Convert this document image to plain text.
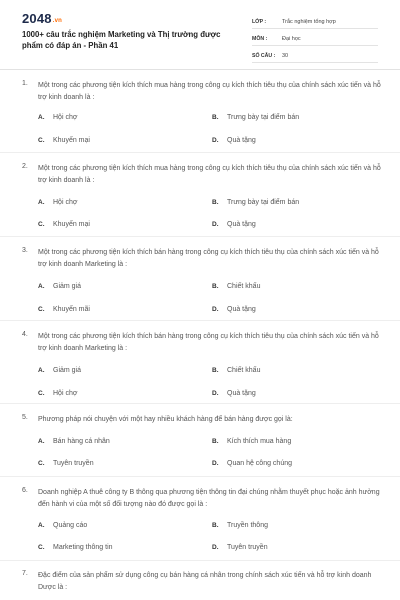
2048.vn
1000+ câu trắc nghiệm Marketing và Thị trường được phẩm có đáp án - Phần 41
LỚP :	Trắc nghiệm tổng hợp
MÔN :	Đại học
SỐ CÂU :	30
1. Một trong các phương tiện kích thích mua hàng trong công cụ kích thích tiêu thụ của chính sách xúc tiến và hỗ trợ kinh doanh là :
A.	Hội chợ	B.	Trưng bày tại điểm bán
C.	Khuyến mại	D.	Quà tặng
2. Một trong các phương tiện kích thích mua hàng trong công cụ kích thích tiêu thụ của chính sách xúc tiến và hỗ trợ kinh doanh là :
A.	Hội chợ	B.	Trưng bày tại điểm bán
C.	Khuyến mại	D.	Quà tặng
3. Một trong các phương tiện kích thích bán hàng trong công cụ kích thích tiêu thụ của chính sách xúc tiến và hỗ trợ kinh doanh Marketing là :
A.	Giảm giá	B.	Chiết khấu
C.	Khuyến mãi	D.	Quà tặng
4. Một trong các phương tiện kích thích bán hàng trong công cụ kích thích tiêu thụ của chính sách xúc tiến và hỗ trợ kinh doanh Marketing là :
A.	Giảm giá	B.	Chiết khấu
C.	Hội chợ	D.	Quà tặng
5. Phương pháp nói chuyện với một hay nhiều khách hàng để bán hàng được gọi là:
A.	Bán hàng cá nhân	B.	Kích thích mua hàng
C.	Tuyên truyền	D.	Quan hệ công chúng
6. Doanh nghiệp A thuê công ty B thông qua phương tiện thông tin đại chúng nhằm thuyết phục hoặc ảnh hưởng đến hành vi của một số đối tượng nào đó được gọi là :
A.	Quảng cáo	B.	Truyền thông
C.	Marketing thông tin	D.	Tuyên truyền
7. Đặc điểm của sản phẩm sử dụng công cụ bán hàng cá nhân trong chính sách xúc tiến và hỗ trợ kinh doanh Dược là :
